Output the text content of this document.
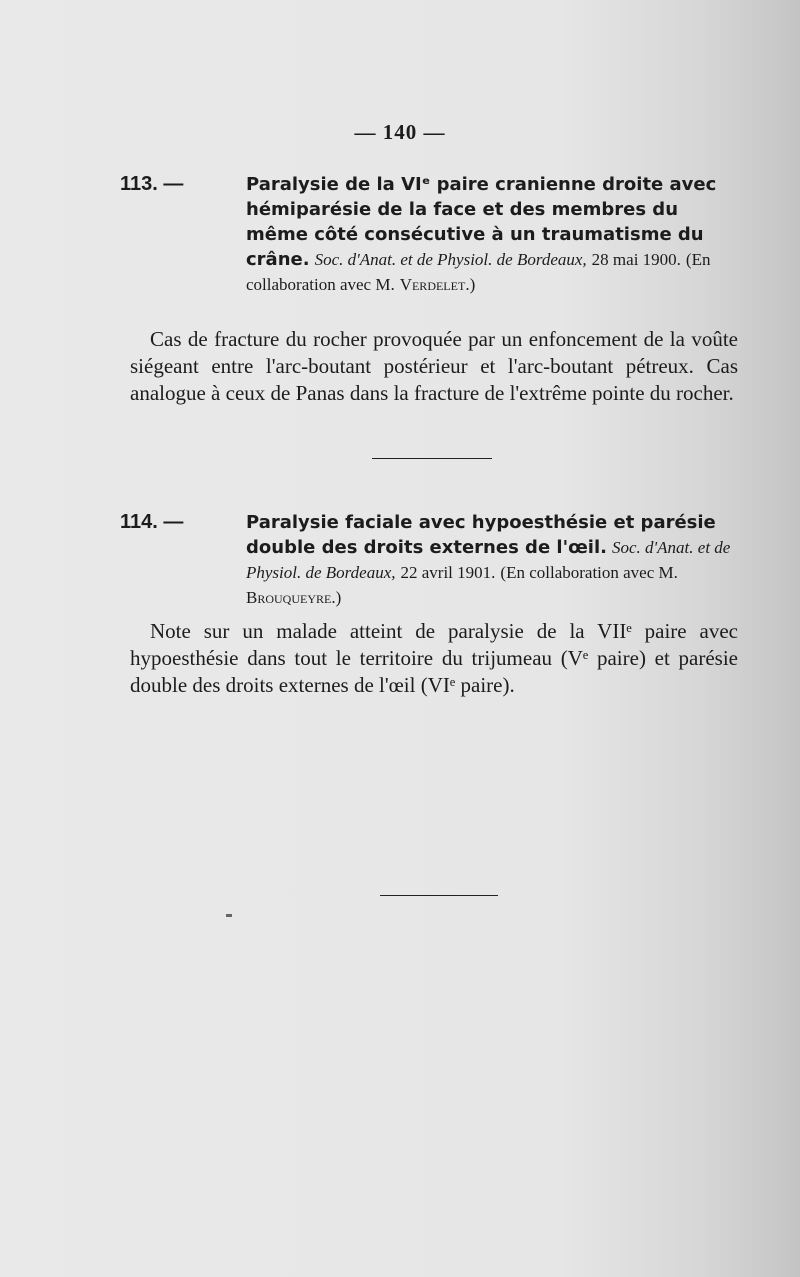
— 140 —
113. —	Paralysie de la VIᵉ paire cranienne droite avec hémiparésie de la face et des membres du même côté consécutive à un traumatisme du crâne. Soc. d'Anat. et de Physiol. de Bordeaux, 28 mai 1900. (En collaboration avec M. Verdelet.)
Cas de fracture du rocher provoquée par un enfoncement de la voûte siégeant entre l'arc-boutant postérieur et l'arc-boutant pétreux. Cas analogue à ceux de Panas dans la fracture de l'extrême pointe du rocher.
114. —	Paralysie faciale avec hypoesthésie et parésie double des droits externes de l'œil. Soc. d'Anat. et de Physiol. de Bordeaux, 22 avril 1901. (En collaboration avec M. Brouqueyre.)
Note sur un malade atteint de paralysie de la VIIᵉ paire avec hypoesthésie dans tout le territoire du trijumeau (Vᵉ paire) et parésie double des droits externes de l'œil (VIᵉ paire).
